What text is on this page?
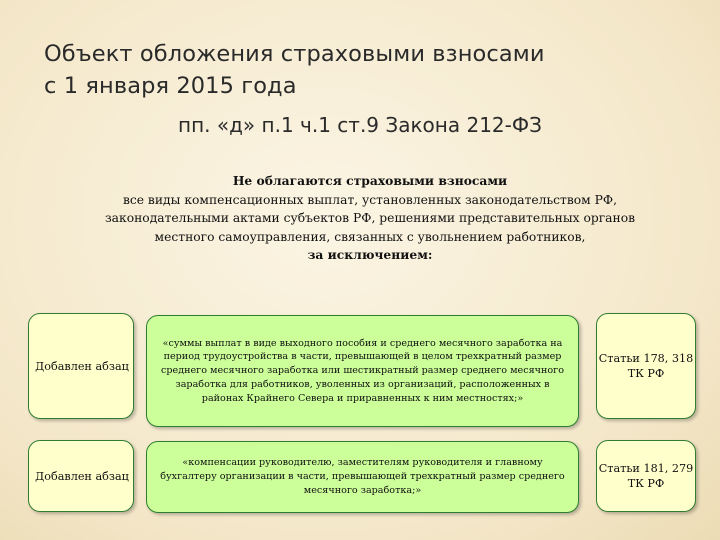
Объект обложения страховыми взносами
с 1 января 2015 года
пп. «д» п.1 ч.1 ст.9 Закона 212-ФЗ
Не облагаются страховыми взносами
все виды компенсационных выплат, установленных законодательством РФ,
законодательными актами субъектов РФ, решениями представительных органов
местного самоуправления, связанных с увольнением работников,
за исключением:
Добавлен абзац
«суммы выплат в виде выходного пособия и среднего месячного заработка на период трудоустройства в части, превышающей в целом трехкратный размер среднего месячного заработка или шестикратный размер среднего месячного заработка для работников, уволенных из организаций, расположенных в районах Крайнего Севера и приравненных к ним местностях;»
Статьи 178, 318 ТК РФ
Добавлен абзац
«компенсации руководителю, заместителям руководителя и главному бухгалтеру организации в части, превышающей трехкратный размер среднего месячного заработка;»
Статьи 181, 279 ТК РФ
